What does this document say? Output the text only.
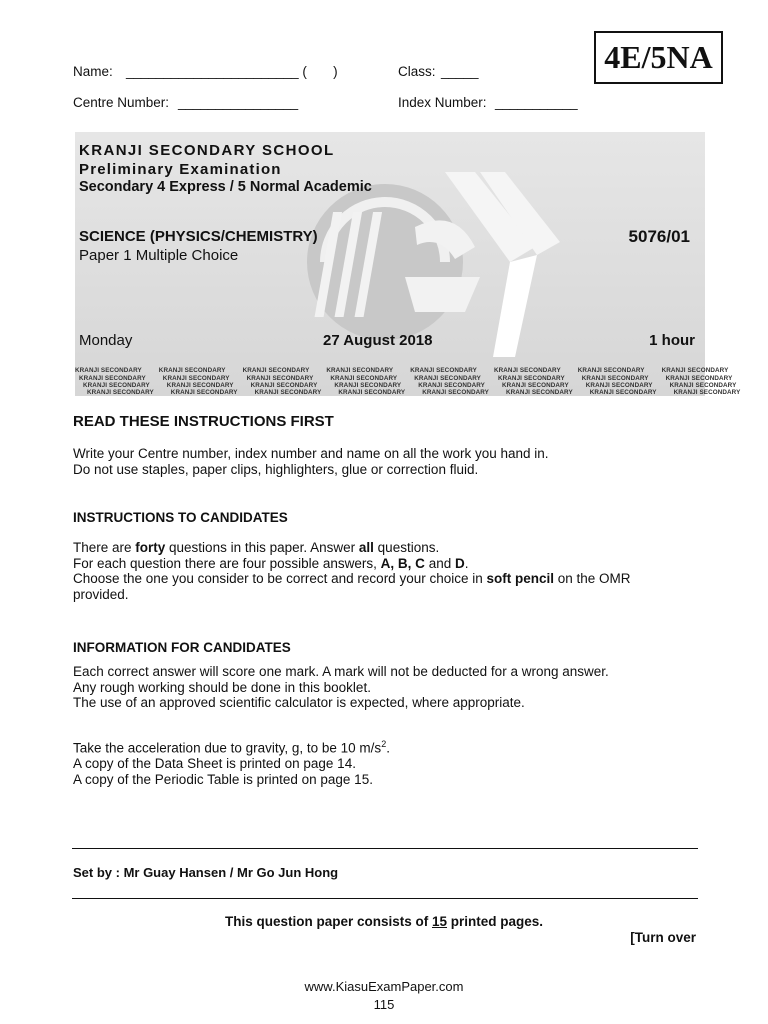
Name: _______________________ (       )	Class: _____
Centre Number: ________________	Index Number: ___________
4E/5NA
KRANJI SECONDARY SCHOOL
Preliminary Examination
Secondary 4 Express / 5 Normal Academic
SCIENCE (PHYSICS/CHEMISTRY)
Paper 1 Multiple Choice
5076/01
Monday	27 August 2018	1 hour
KRANJI SECONDARY	KRANJI SECONDARY	KRANJI SECONDARY	KRANJI SECONDARY	KRANJI SECONDARY	KRANJI SECONDARY	KRANJI SECONDARY	KRANJI SECONDARY
KRANJI SECONDARY	KRANJI SECONDARY	KRANJI SECONDARY	KRANJI SECONDARY	KRANJI SECONDARY	KRANJI SECONDARY	KRANJI SECONDARY	KRANJI SECONDARY
KRANJI SECONDARY	KRANJI SECONDARY	KRANJI SECONDARY	KRANJI SECONDARY	KRANJI SECONDARY	KRANJI SECONDARY	KRANJI SECONDARY	KRANJI SECONDARY
KRANJI SECONDARY	KRANJI SECONDARY	KRANJI SECONDARY	KRANJI SECONDARY	KRANJI SECONDARY	KRANJI SECONDARY	KRANJI SECONDARY	KRANJI SECONDARY
READ THESE INSTRUCTIONS FIRST
Write your Centre number, index number and name on all the work you hand in.
Do not use staples, paper clips, highlighters, glue or correction fluid.
INSTRUCTIONS TO CANDIDATES
There are forty questions in this paper. Answer all questions.
For each question there are four possible answers, A, B, C and D.
Choose the one you consider to be correct and record your choice in soft pencil on the OMR
provided.
INFORMATION FOR CANDIDATES
Each correct answer will score one mark. A mark will not be deducted for a wrong answer.
Any rough working should be done in this booklet.
The use of an approved scientific calculator is expected, where appropriate.
Take the acceleration due to gravity, g, to be 10 $m/s^2$.
A copy of the Data Sheet is printed on page 14.
A copy of the Periodic Table is printed on page 15.
Set by : Mr Guay Hansen / Mr Go Jun Hong
This question paper consists of 15 printed pages.
[Turn over
www.KiasuExamPaper.com
115
